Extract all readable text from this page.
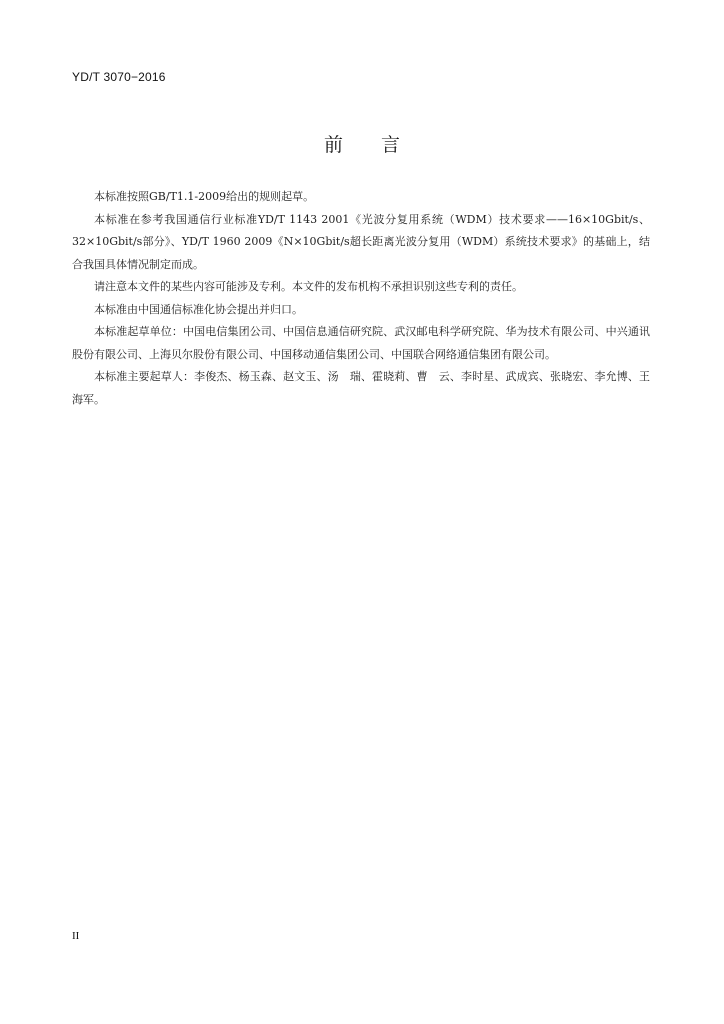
YD/T 3070−2016
前 言

本标准按照GB/T1.1-2009给出的规则起草。

本标准在参考我国通信行业标准YD/T 1143 2001《光波分复用系统（WDM）技术要求——16×10Gbit/s、32×10Gbit/s部分》、YD/T 1960 2009《N×10Gbit/s超长距离光波分复用（WDM）系统技术要求》的基础上，结合我国具体情况制定而成。

请注意本文件的某些内容可能涉及专利。本文件的发布机构不承担识别这些专利的责任。

本标准由中国通信标准化协会提出并归口。

本标准起草单位：中国电信集团公司、中国信息通信研究院、武汉邮电科学研究院、华为技术有限公司、中兴通讯股份有限公司、上海贝尔股份有限公司、中国移动通信集团公司、中国联合网络通信集团有限公司。

本标准主要起草人：李俊杰、杨玉森、赵文玉、汤　瑞、霍晓莉、曹　云、李时星、武成宾、张晓宏、李允博、王海军。

II
